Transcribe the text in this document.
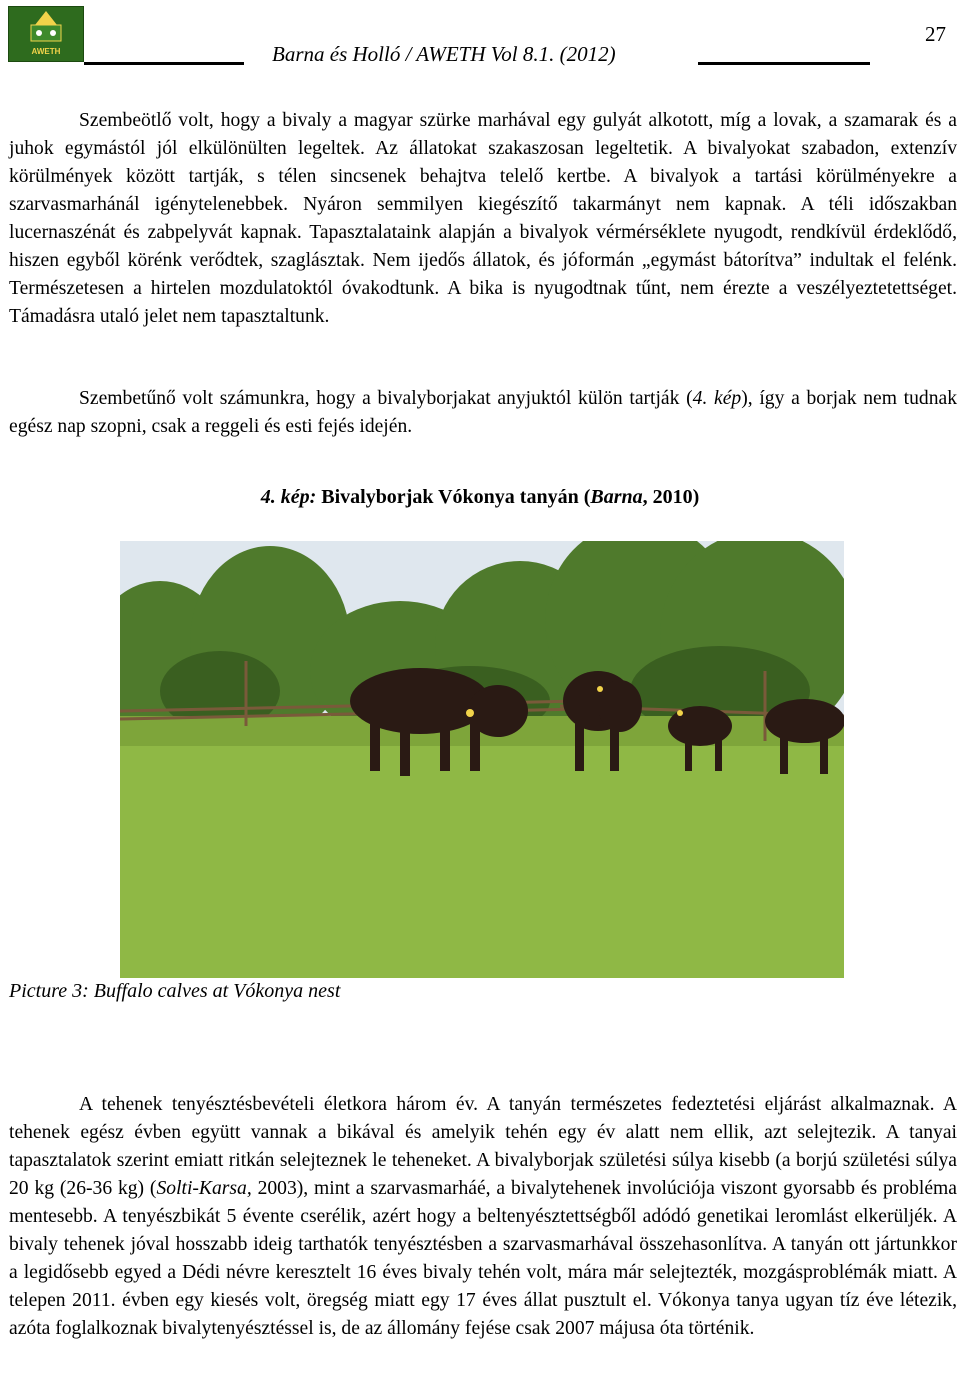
AWETH	Barna és Holló / AWETH Vol 8.1. (2012)
27

Szembeötlő volt, hogy a bivaly a magyar szürke marhával egy gulyát alkotott, míg a lovak, a szamarak és a juhok egymástól jól elkülönülten legeltek. Az állatokat szakaszosan legeltetik. A bivalyokat szabadon, extenzív körülmények között tartják, s télen sincsenek behajtva telelő kertbe. A bivalyok a tartási körülményekre a szarvasmarhánál igénytelenebbek. Nyáron semmilyen kiegészítő takarmányt nem kapnak. A téli időszakban lucernaszénát és zabpelyvát kapnak. Tapasztalataink alapján a bivalyok vérmérséklete nyugodt, rendkívül érdeklődő, hiszen egyből körénk verődtek, szaglásztak. Nem ijedős állatok, és jóformán „egymást bátorítva” indultak el felénk. Természetesen a hirtelen mozdulatoktól óvakodtunk. A bika is nyugodtnak tűnt, nem érezte a veszélyeztetettséget. Támadásra utaló jelet nem tapasztaltunk.

Szembetűnő volt számunkra, hogy a bivalyborjakat anyjuktól külön tartják (4. kép), így a borjak nem tudnak egész nap szopni, csak a reggeli és esti fejés idején.

4. kép: Bivalyborjak Vókonya tanyán (Barna, 2010)
Picture 3: Buffalo calves at Vókonya nest

A tehenek tenyésztésbevételi életkora három év. A tanyán természetes fedeztetési eljárást alkalmaznak. A tehenek egész évben együtt vannak a bikával és amelyik tehén egy év alatt nem ellik, azt selejtezik. A tanyai tapasztalatok szerint emiatt ritkán selejteznek le teheneket. A bivalyborjak születési súlya kisebb (a borjú születési súlya 20 kg (26-36 kg) (Solti-Karsa, 2003), mint a szarvasmarháé, a bivalytehenek involúciója viszont gyorsabb és probléma mentesebb. A tenyészbikát 5 évente cserélik, azért hogy a beltenyésztettségből adódó genetikai leromlást elkerüljék. A bivaly tehenek jóval hosszabb ideig tarthatók tenyésztésben a szarvasmarhával összehasonlítva. A tanyán ott jártunkkor a legidősebb egyed a Dédi névre keresztelt 16 éves bivaly tehén volt, mára már selejtezték, mozgásproblémák miatt. A telepen 2011. évben egy kiesés volt, öregség miatt egy 17 éves állat pusztult el. Vókonya tanya ugyan tíz éve létezik, azóta foglalkoznak bivalytenyésztéssel is, de az állomány fejése csak 2007 májusa óta történik.
